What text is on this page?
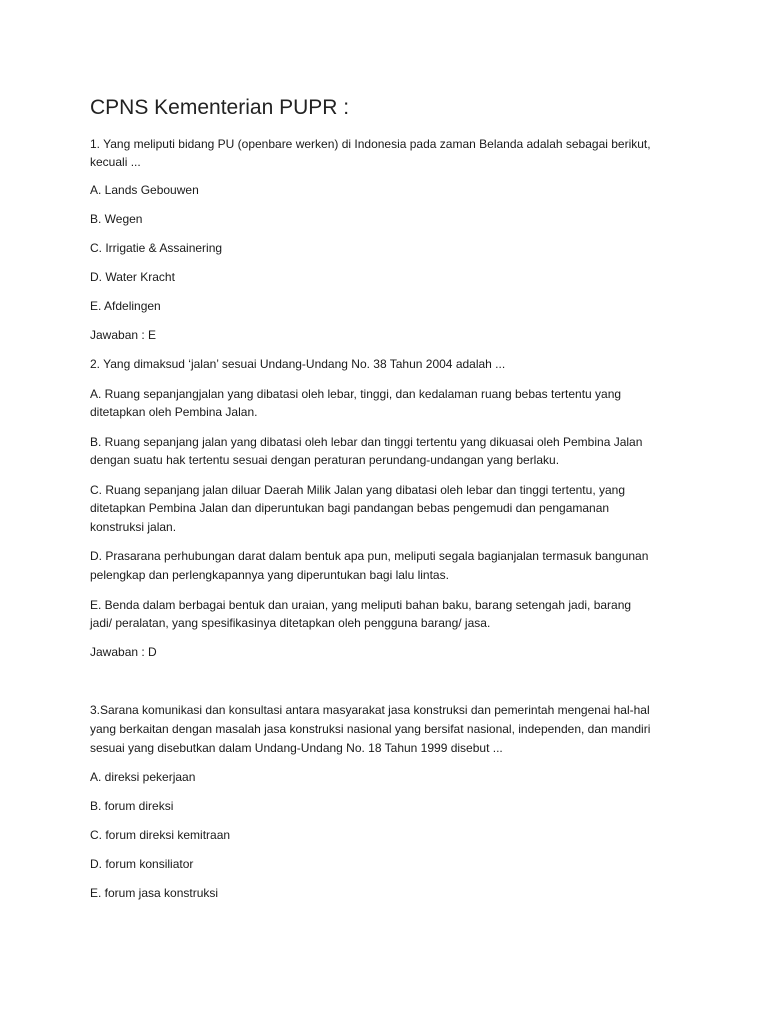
CPNS Kementerian PUPR :
1. Yang meliputi bidang PU (openbare werken) di Indonesia pada zaman Belanda adalah sebagai berikut,
kecuali ...
A. Lands Gebouwen
B. Wegen
C. Irrigatie & Assainering
D. Water Kracht
E. Afdelingen
Jawaban : E
2. Yang dimaksud ‘jalan’ sesuai Undang-Undang No. 38 Tahun 2004 adalah ...
A. Ruang sepanjangjalan yang dibatasi oleh lebar, tinggi, dan kedalaman ruang bebas tertentu yang
ditetapkan oleh Pembina Jalan.
B. Ruang sepanjang jalan yang dibatasi oleh lebar dan tinggi tertentu yang dikuasai oleh Pembina Jalan
dengan suatu hak tertentu sesuai dengan peraturan perundang-undangan yang berlaku.
C. Ruang sepanjang jalan diluar Daerah Milik Jalan yang dibatasi oleh lebar dan tinggi tertentu, yang
ditetapkan Pembina Jalan dan diperuntukan bagi pandangan bebas pengemudi dan pengamanan
konstruksi jalan.
D. Prasarana perhubungan darat dalam bentuk apa pun, meliputi segala bagianjalan termasuk bangunan
pelengkap dan perlengkapannya yang diperuntukan bagi lalu lintas.
E. Benda dalam berbagai bentuk dan uraian, yang meliputi bahan baku, barang setengah jadi, barang
jadi/ peralatan, yang spesifikasinya ditetapkan oleh pengguna barang/ jasa.
Jawaban : D
3.Sarana komunikasi dan konsultasi antara masyarakat jasa konstruksi dan pemerintah mengenai hal-hal
yang berkaitan dengan masalah jasa konstruksi nasional yang bersifat nasional, independen, dan mandiri
sesuai yang disebutkan dalam Undang-Undang No. 18 Tahun 1999 disebut ...
A. direksi pekerjaan
B. forum direksi
C. forum direksi kemitraan
D. forum konsiliator
E. forum jasa konstruksi
